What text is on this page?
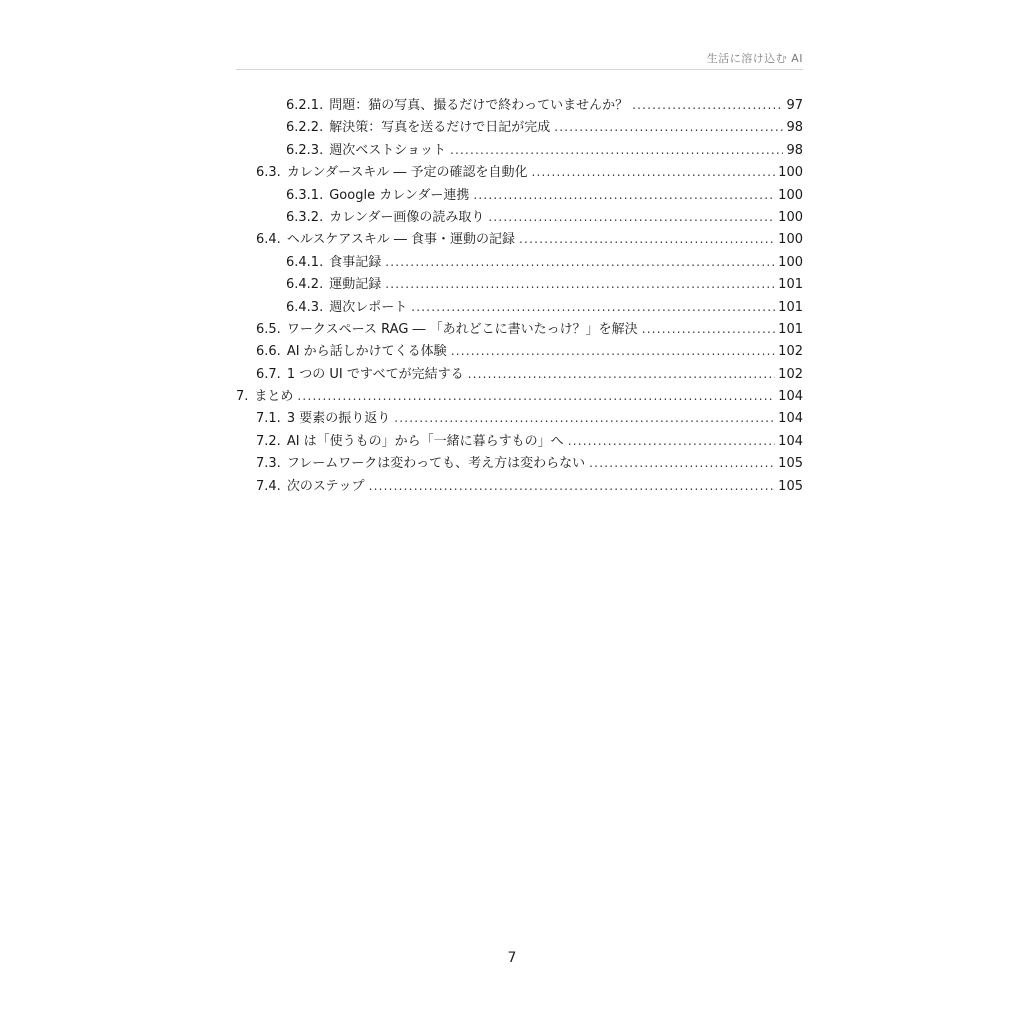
生活に溶け込む AI
6.2.1. 問題：猫の写真、撮るだけで終わっていませんか？ .....	97
6.2.2. 解決策：写真を送るだけで日記が完成 .....	98
6.2.3. 週次ベストショット .....	98
6.3. カレンダースキル ― 予定の確認を自動化 .....	100
6.3.1. Google カレンダー連携 .....	100
6.3.2. カレンダー画像の読み取り .....	100
6.4. ヘルスケアスキル ― 食事・運動の記録 .....	100
6.4.1. 食事記録 .....	100
6.4.2. 運動記録 .....	101
6.4.3. 週次レポート .....	101
6.5. ワークスペース RAG ― 「あれどこに書いたっけ？」を解決 .....	101
6.6. AI から話しかけてくる体験 .....	102
6.7. 1 つの UI ですべてが完結する .....	102
7. まとめ .....	104
7.1. 3 要素の振り返り .....	104
7.2. AI は「使うもの」から「一緒に暮らすもの」へ .....	104
7.3. フレームワークは変わっても、考え方は変わらない .....	105
7.4. 次のステップ .....	105
7
